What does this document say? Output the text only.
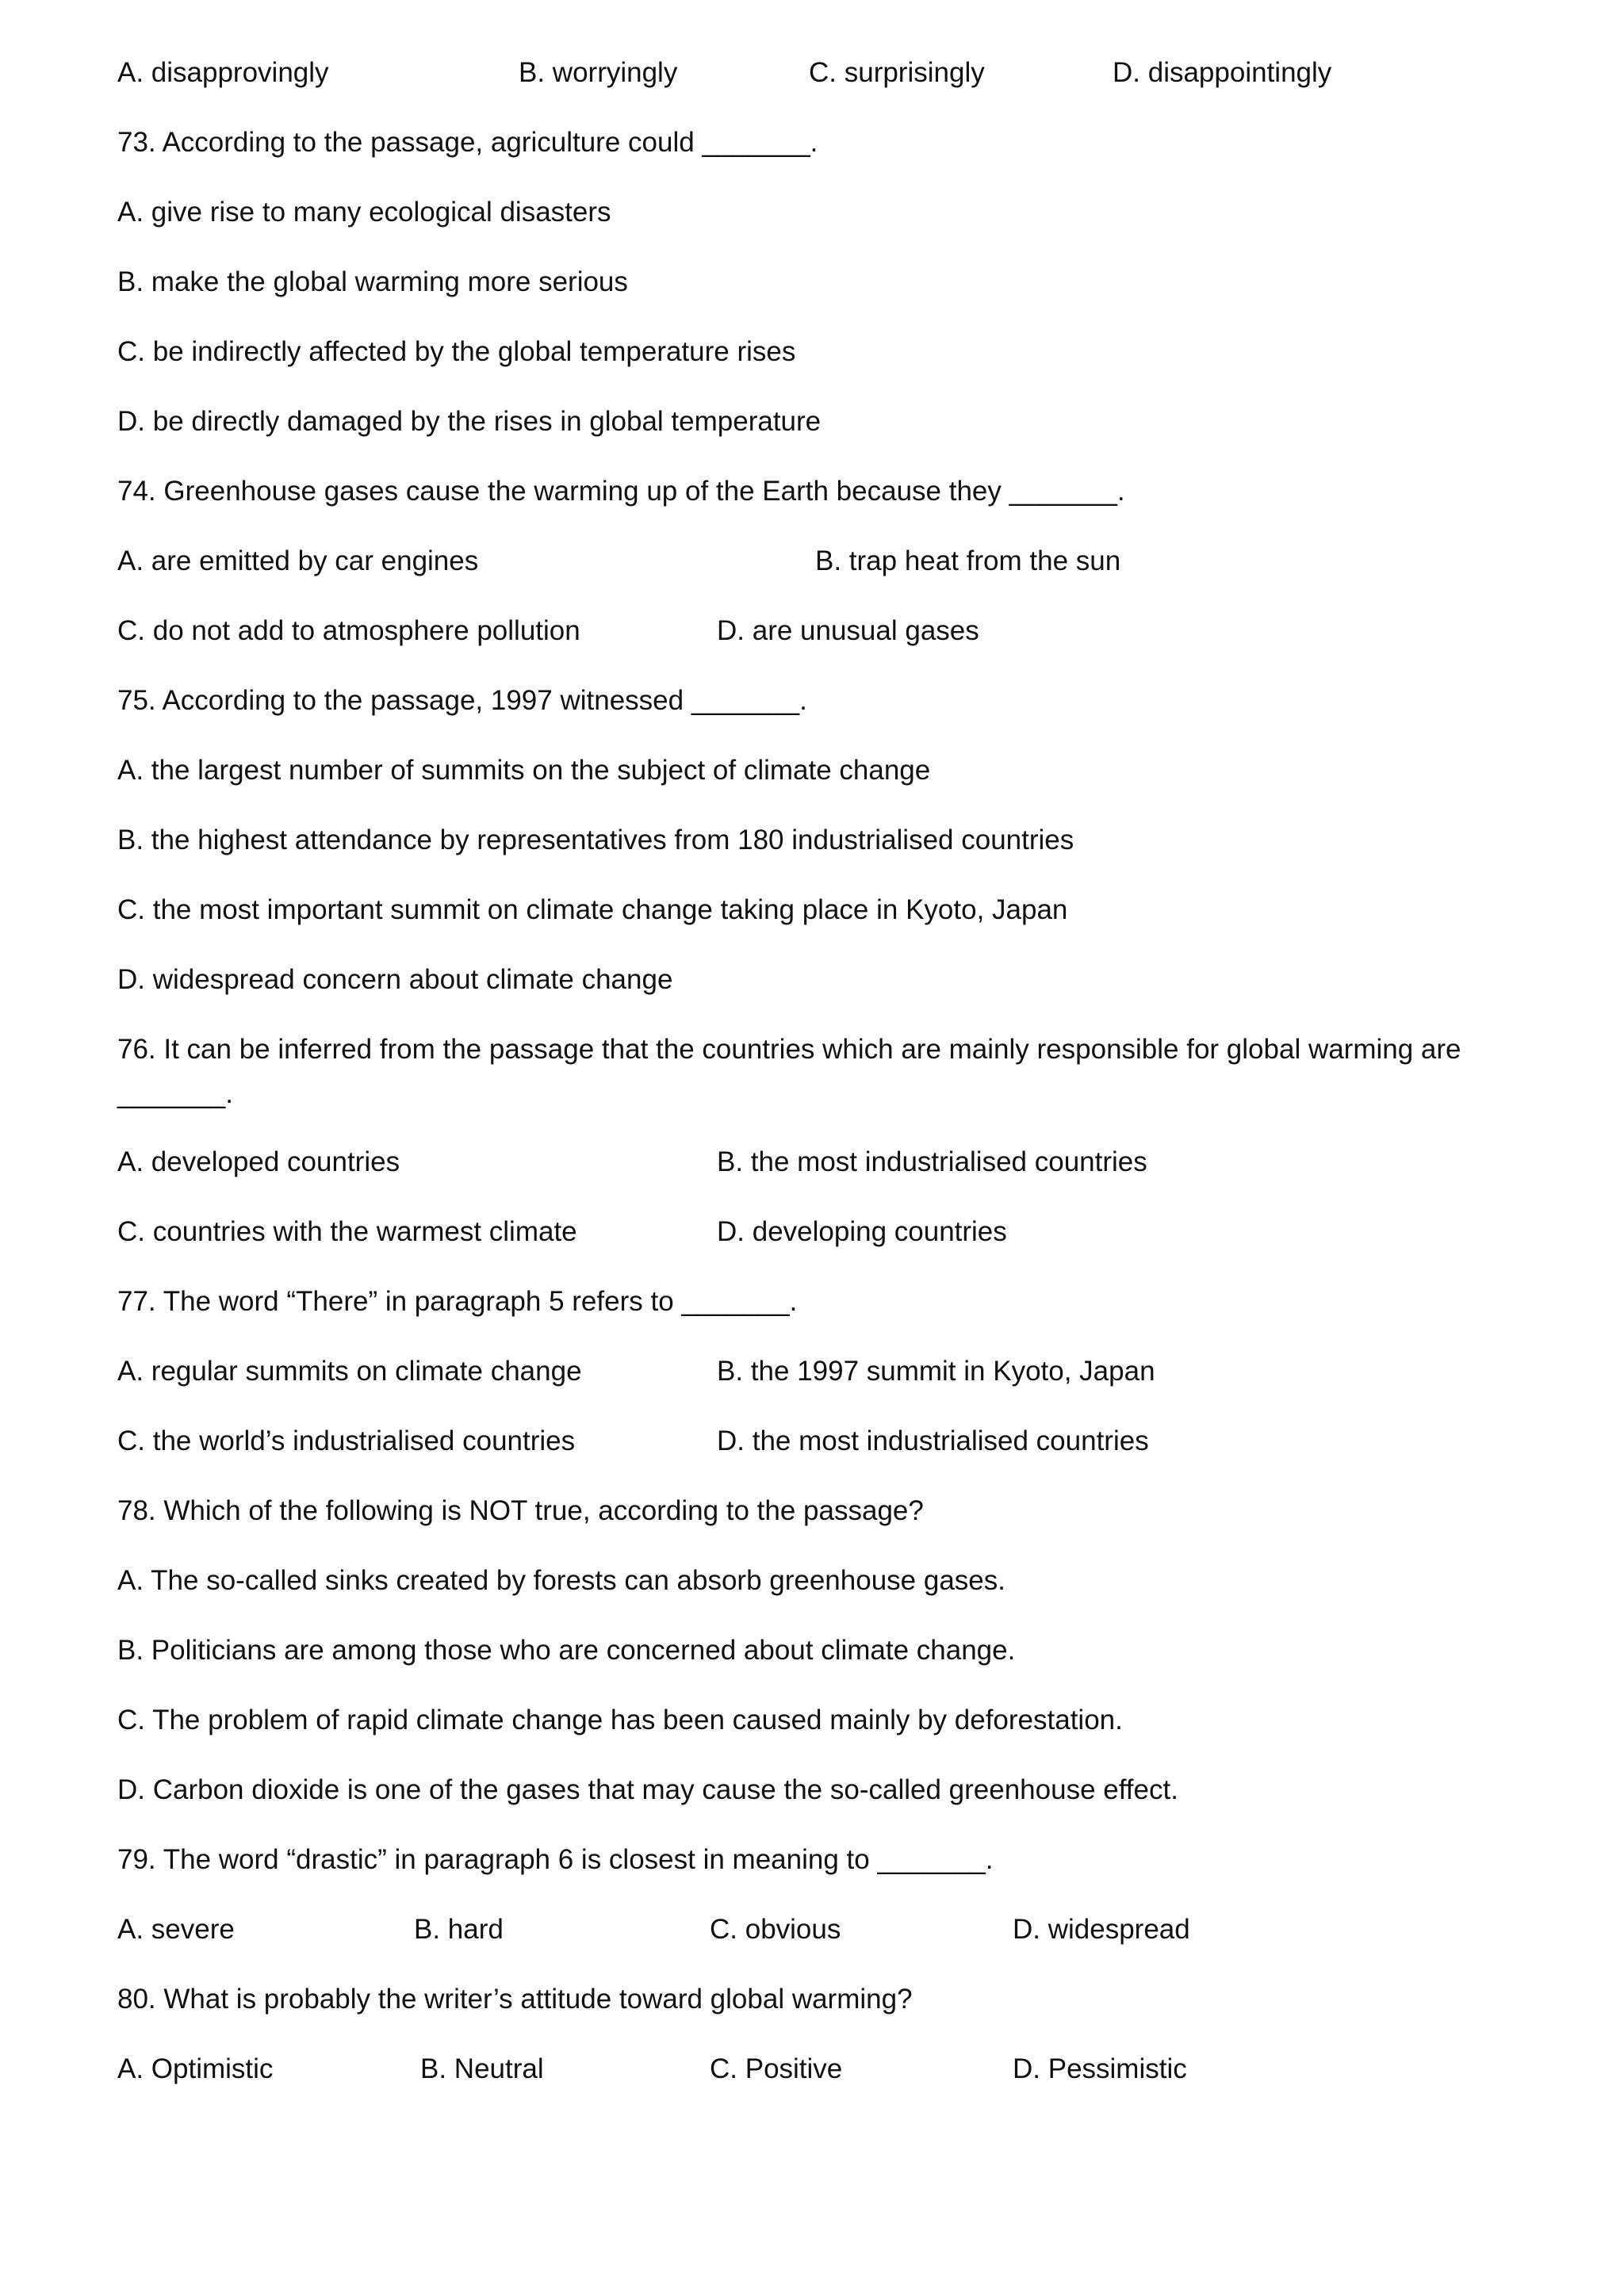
A. disapprovingly	B. worryingly	C. surprisingly	D. disappointingly
73. According to the passage, agriculture could _______.
A. give rise to many ecological disasters
B. make the global warming more serious
C. be indirectly affected by the global temperature rises
D. be directly damaged by the rises in global temperature
74. Greenhouse gases cause the warming up of the Earth because they _______.
A. are emitted by car engines	B. trap heat from the sun
C. do not add to atmosphere pollution	D. are unusual gases
75. According to the passage, 1997 witnessed _______.
A. the largest number of summits on the subject of climate change
B. the highest attendance by representatives from 180 industrialised countries
C. the most important summit on climate change taking place in Kyoto, Japan
D. widespread concern about climate change
76. It can be inferred from the passage that the countries which are mainly responsible for global warming are _______.
A. developed countries	B. the most industrialised countries
C. countries with the warmest climate	D. developing countries
77. The word “There” in paragraph 5 refers to _______.
A. regular summits on climate change	B. the 1997 summit in Kyoto, Japan
C. the world’s industrialised countries	D. the most industrialised countries
78. Which of the following is NOT true, according to the passage?
A. The so-called sinks created by forests can absorb greenhouse gases.
B. Politicians are among those who are concerned about climate change.
C. The problem of rapid climate change has been caused mainly by deforestation.
D. Carbon dioxide is one of the gases that may cause the so-called greenhouse effect.
79. The word “drastic” in paragraph 6 is closest in meaning to _______.
A. severe	B. hard	C. obvious	D. widespread
80. What is probably the writer’s attitude toward global warming?
A. Optimistic	B. Neutral	C. Positive	D. Pessimistic
